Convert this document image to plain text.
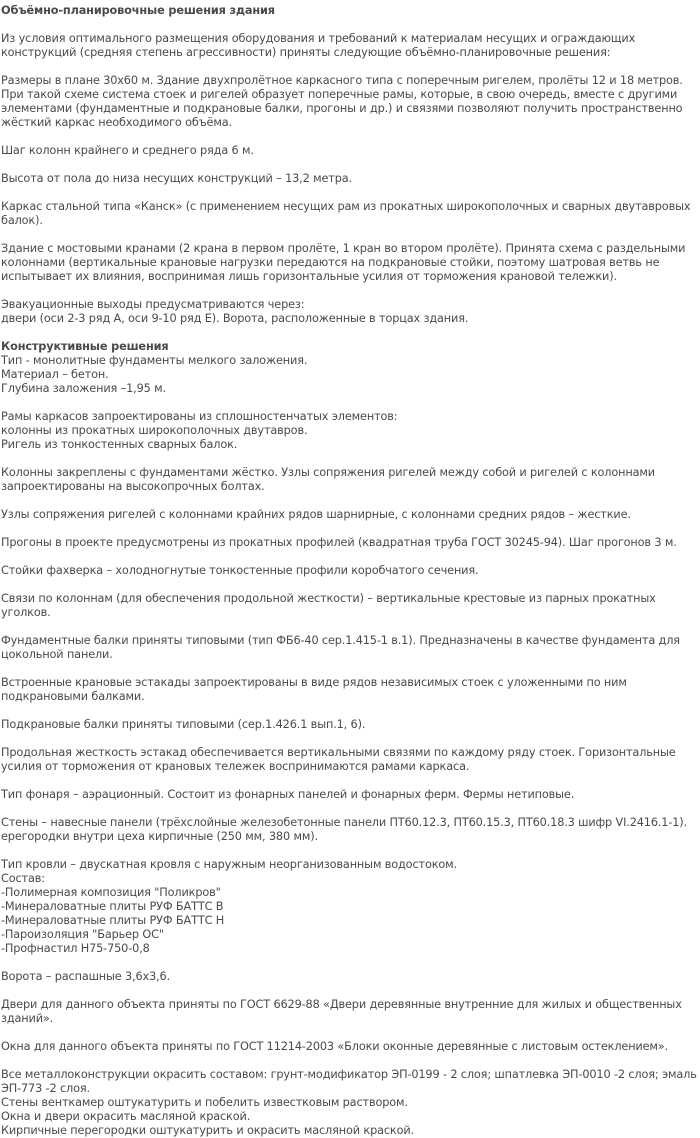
Объёмно-планировочные решения здания
Из условия оптимального размещения оборудования и требований к материалам несущих и ограждающих конструкций (средняя степень агрессивности) приняты следующие объёмно-планировочные решения:
Размеры в плане 30х60 м. Здание двухпролётное каркасного типа с поперечным ригелем, пролёты 12 и 18 метров. При такой схеме система стоек и ригелей образует поперечные рамы, которые, в свою очередь, вместе с другими элементами (фундаментные и подкрановые балки, прогоны и др.) и связями позволяют получить пространственно жёсткий каркас необходимого объёма.
Шаг колонн крайнего и среднего ряда 6 м.
Высота от пола до низа несущих конструкций – 13,2 метра.
Каркас стальной типа «Канск» (с применением несущих рам из прокатных широкополочных и сварных двутавровых балок).
Здание с мостовыми кранами (2 крана в первом пролёте, 1 кран во втором пролёте). Принята схема с раздельными колоннами (вертикальные крановые нагрузки передаются на подкрановые стойки, поэтому шатровая ветвь не испытывает их влияния, воспринимая лишь горизонтальные усилия от торможения крановой тележки).
Эвакуационные выходы предусматриваются через:
двери (оси 2-3 ряд А, оси 9-10 ряд Е). Ворота, расположенные в торцах здания.
Конструктивные решения
Тип - монолитные фундаменты мелкого заложения.
Материал – бетон.
Глубина заложения –1,95 м.
Рамы каркасов запроектированы из сплошностенчатых элементов:
колонны из прокатных широкополочных двутавров.
Ригель из тонкостенных сварных балок.
Колонны закреплены с фундаментами жёстко. Узлы сопряжения ригелей между собой и ригелей с колоннами запроектированы на высокопрочных болтах.
Узлы сопряжения ригелей с колоннами крайних рядов шарнирные, с колоннами средних рядов – жесткие.
Прогоны в проекте предусмотрены из прокатных профилей (квадратная труба ГОСТ 30245-94). Шаг прогонов 3 м.
Стойки фахверка – холодногнутые тонкостенные профили коробчатого сечения.
Связи по колоннам (для обеспечения продольной жесткости) – вертикальные крестовые из парных прокатных уголков.
Фундаментные балки приняты типовыми (тип ФБ6-40 сер.1.415-1 в.1). Предназначены в качестве фундамента для цокольной панели.
Встроенные крановые эстакады запроектированы в виде рядов независимых стоек с уложенными по ним подкрановыми балками.
Подкрановые балки приняты типовыми (сер.1.426.1 вып.1, 6).
Продольная жесткость эстакад обеспечивается вертикальными связями по каждому ряду стоек. Горизонтальные усилия от торможения от крановых тележек воспринимаются рамами каркаса.
Тип фонаря – аэрационный. Состоит из фонарных панелей и фонарных ферм. Фермы нетиповые.
Стены – навесные панели (трёхслойные железобетонные панели ПТ60.12.3, ПТ60.15.3, ПТ60.18.3 шифр VI.2416.1-1). ерегородки внутри цеха кирпичные (250 мм, 380 мм).
Тип кровли – двускатная кровля с наружным неорганизованным водостоком.
Состав:
-Полимерная композиция "Поликров"
-Минераловатные плиты РУФ БАТТС В
-Минераловатные плиты РУФ БАТТС Н
-Пароизоляция "Барьер ОС"
-Профнастил Н75-750-0,8
Ворота – распашные 3,6х3,6.
Двери для данного объекта приняты по ГОСТ 6629-88 «Двери деревянные внутренние для жилых и общественных зданий».
Окна для данного объекта приняты по ГОСТ 11214-2003 «Блоки оконные деревянные с листовым остеклением».
Все металлоконструкции окрасить составом: грунт-модификатор ЭП-0199 - 2 слоя; шпатлевка ЭП-0010 -2 слоя; эмаль ЭП-773 -2 слоя.
Стены венткамер оштукатурить и побелить известковым раствором.
Окна и двери окрасить масляной краской.
Кирпичные перегородки оштукатурить и окрасить масляной краской.
